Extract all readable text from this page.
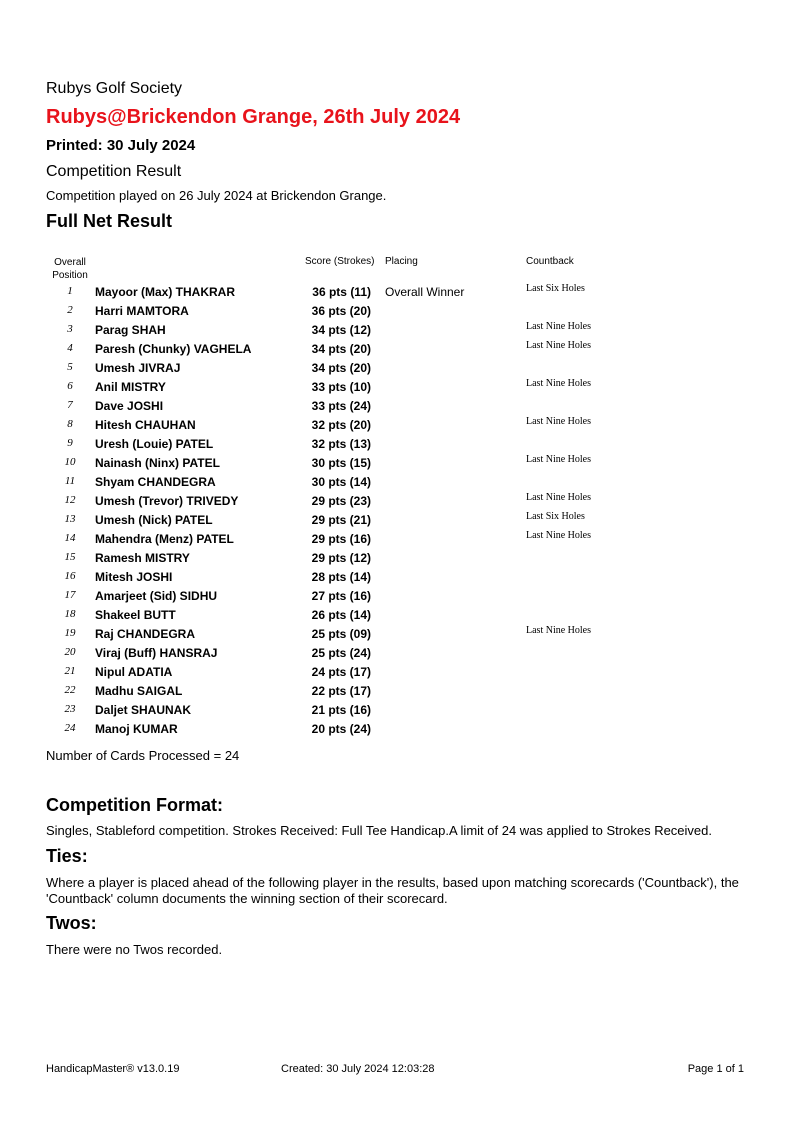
Rubys Golf Society
Rubys@Brickendon Grange, 26th July 2024
Printed: 30 July 2024
Competition Result
Competition played on 26 July 2024 at Brickendon Grange.
Full Net Result
Overall
Position
Score (Strokes) Placing	Countback
1	Mayoor (Max) THAKRAR	36 pts (11) Overall Winner	Last Six Holes
2	Harri MAMTORA	36 pts (20)
3	Parag SHAH	34 pts (12)	Last Nine Holes
4	Paresh (Chunky) VAGHELA	34 pts (20)	Last Nine Holes
5	Umesh JIVRAJ	34 pts (20)
6	Anil MISTRY	33 pts (10)	Last Nine Holes
7	Dave JOSHI	33 pts (24)
8	Hitesh CHAUHAN	32 pts (20)	Last Nine Holes
9	Uresh (Louie) PATEL	32 pts (13)
10	Nainash (Ninx) PATEL	30 pts (15)	Last Nine Holes
11	Shyam CHANDEGRA	30 pts (14)
12	Umesh (Trevor) TRIVEDY	29 pts (23)	Last Nine Holes
13	Umesh (Nick) PATEL	29 pts (21)	Last Six Holes
14	Mahendra (Menz) PATEL	29 pts (16)	Last Nine Holes
15	Ramesh MISTRY	29 pts (12)
16	Mitesh JOSHI	28 pts (14)
17	Amarjeet (Sid) SIDHU	27 pts (16)
18	Shakeel BUTT	26 pts (14)
19	Raj CHANDEGRA	25 pts (09)	Last Nine Holes
20	Viraj (Buff) HANSRAJ	25 pts (24)
21	Nipul ADATIA	24 pts (17)
22	Madhu SAIGAL	22 pts (17)
23	Daljet SHAUNAK	21 pts (16)
24	Manoj KUMAR	20 pts (24)
Number of Cards Processed = 24
Competition Format:
Singles, Stableford competition. Strokes Received: Full Tee Handicap.A limit of 24 was applied to Strokes Received.
Ties:
Where a player is placed ahead of the following player in the results, based upon matching scorecards ('Countback'), the 'Countback' column documents the winning section of their scorecard.
Twos:
There were no Twos recorded.
HandicapMaster® v13.0.19	Created: 30 July 2024 12:03:28	Page 1 of 1
